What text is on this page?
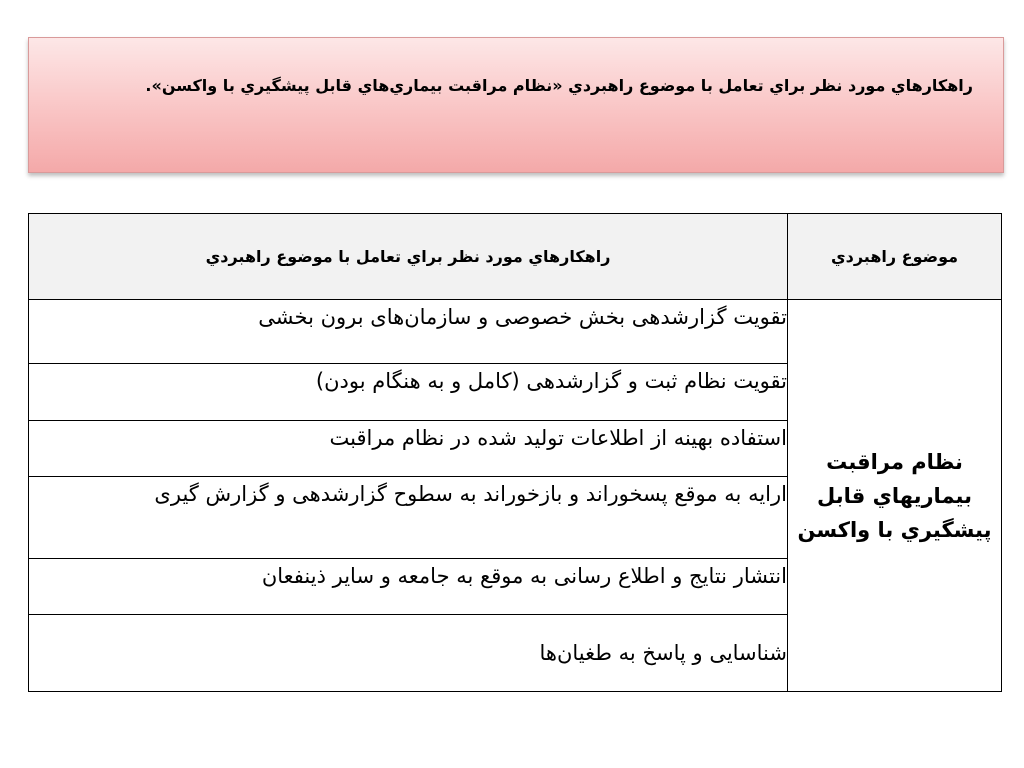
راهكارهاي مورد نظر براي تعامل با موضوع راهبردي «نظام مراقبت بيماري‌هاي قابل پيشگيري با واكسن».
موضوع راهبردي	راهكارهاي مورد نظر براي تعامل با موضوع راهبردي
نظام مراقبت بيماريهاي قابل پيشگيري با واكسن	تقویت گزارشدهی بخش خصوصی و سازمان‌های برون بخشی
	تقویت نظام ثبت و گزارشدهی (کامل و به هنگام بودن)
	استفاده بهینه از اطلاعات تولید شده در نظام مراقبت
	ارایه به موقع پسخوراند و بازخوراند به سطوح گزارشدهی و گزارش گیری
	انتشار نتایج و اطلاع رسانی به موقع به جامعه و سایر ذینفعان
	شناسایی و پاسخ به طغیان‌ها
